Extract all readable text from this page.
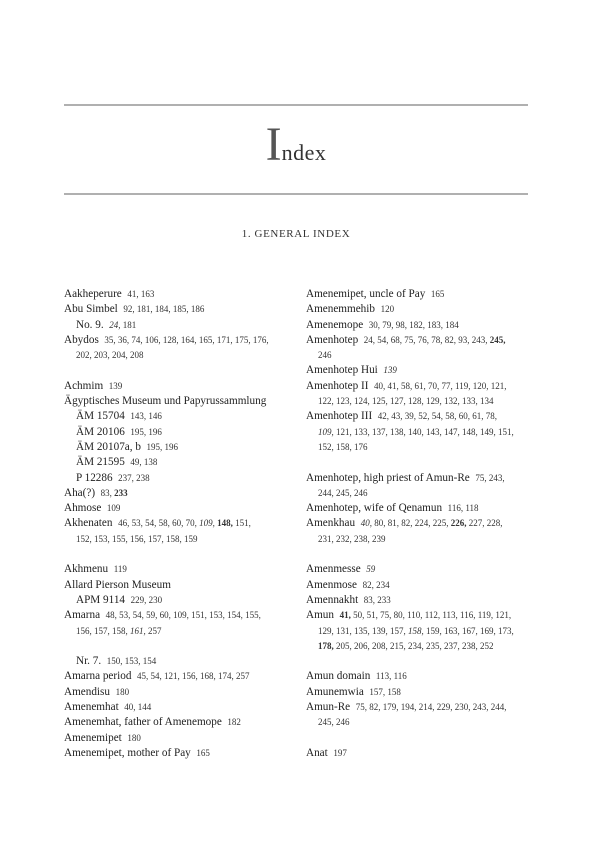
Index
1. GENERAL INDEX
Aakheperure 41, 163
Abu Simbel 92, 181, 184, 185, 186
No. 9. 24, 181
Abydos 35, 36, 74, 106, 128, 164, 165, 171, 175, 176,
202, 203, 204, 208
Achmim 139
Ägyptisches Museum und Papyrussammlung
ÄM 15704 143, 146
ÄM 20106 195, 196
ÄM 20107a, b 195, 196
ÄM 21595 49, 138
P 12286 237, 238
Aha(?) 83, 233
Ahmose 109
Akhenaten 46, 53, 54, 58, 60, 70, 109, 148, 151,
152, 153, 155, 156, 157, 158, 159
Akhmenu 119
Allard Pierson Museum
APM 9114 229, 230
Amarna 48, 53, 54, 59, 60, 109, 151, 153, 154, 155,
156, 157, 158, 161, 257
Nr. 7. 150, 153, 154
Amarna period 45, 54, 121, 156, 168, 174, 257
Amendisu 180
Amenemhat 40, 144
Amenemhat, father of Amenemope 182
Amenemipet 180
Amenemipet, mother of Pay 165
Amenemipet, uncle of Pay 165
Amenemmehib 120
Amenemope 30, 79, 98, 182, 183, 184
Amenhotep 24, 54, 68, 75, 76, 78, 82, 93, 243, 245,
246
Amenhotep Hui 139
Amenhotep II 40, 41, 58, 61, 70, 77, 119, 120, 121,
122, 123, 124, 125, 127, 128, 129, 132, 133, 134
Amenhotep III 42, 43, 39, 52, 54, 58, 60, 61, 78,
109, 121, 133, 137, 138, 140, 143, 147, 148, 149, 151,
152, 158, 176
Amenhotep, high priest of Amun-Re 75, 243,
244, 245, 246
Amenhotep, wife of Qenamun 116, 118
Amenkhau 40, 80, 81, 82, 224, 225, 226, 227, 228,
231, 232, 238, 239
Amenmesse 59
Amenmose 82, 234
Amennakht 83, 233
Amun 41, 50, 51, 75, 80, 110, 112, 113, 116, 119, 121,
129, 131, 135, 139, 157, 158, 159, 163, 167, 169, 173,
178, 205, 206, 208, 215, 234, 235, 237, 238, 252
Amun domain 113, 116
Amunemwia 157, 158
Amun-Re 75, 82, 179, 194, 214, 229, 230, 243, 244,
245, 246
Anat 197
